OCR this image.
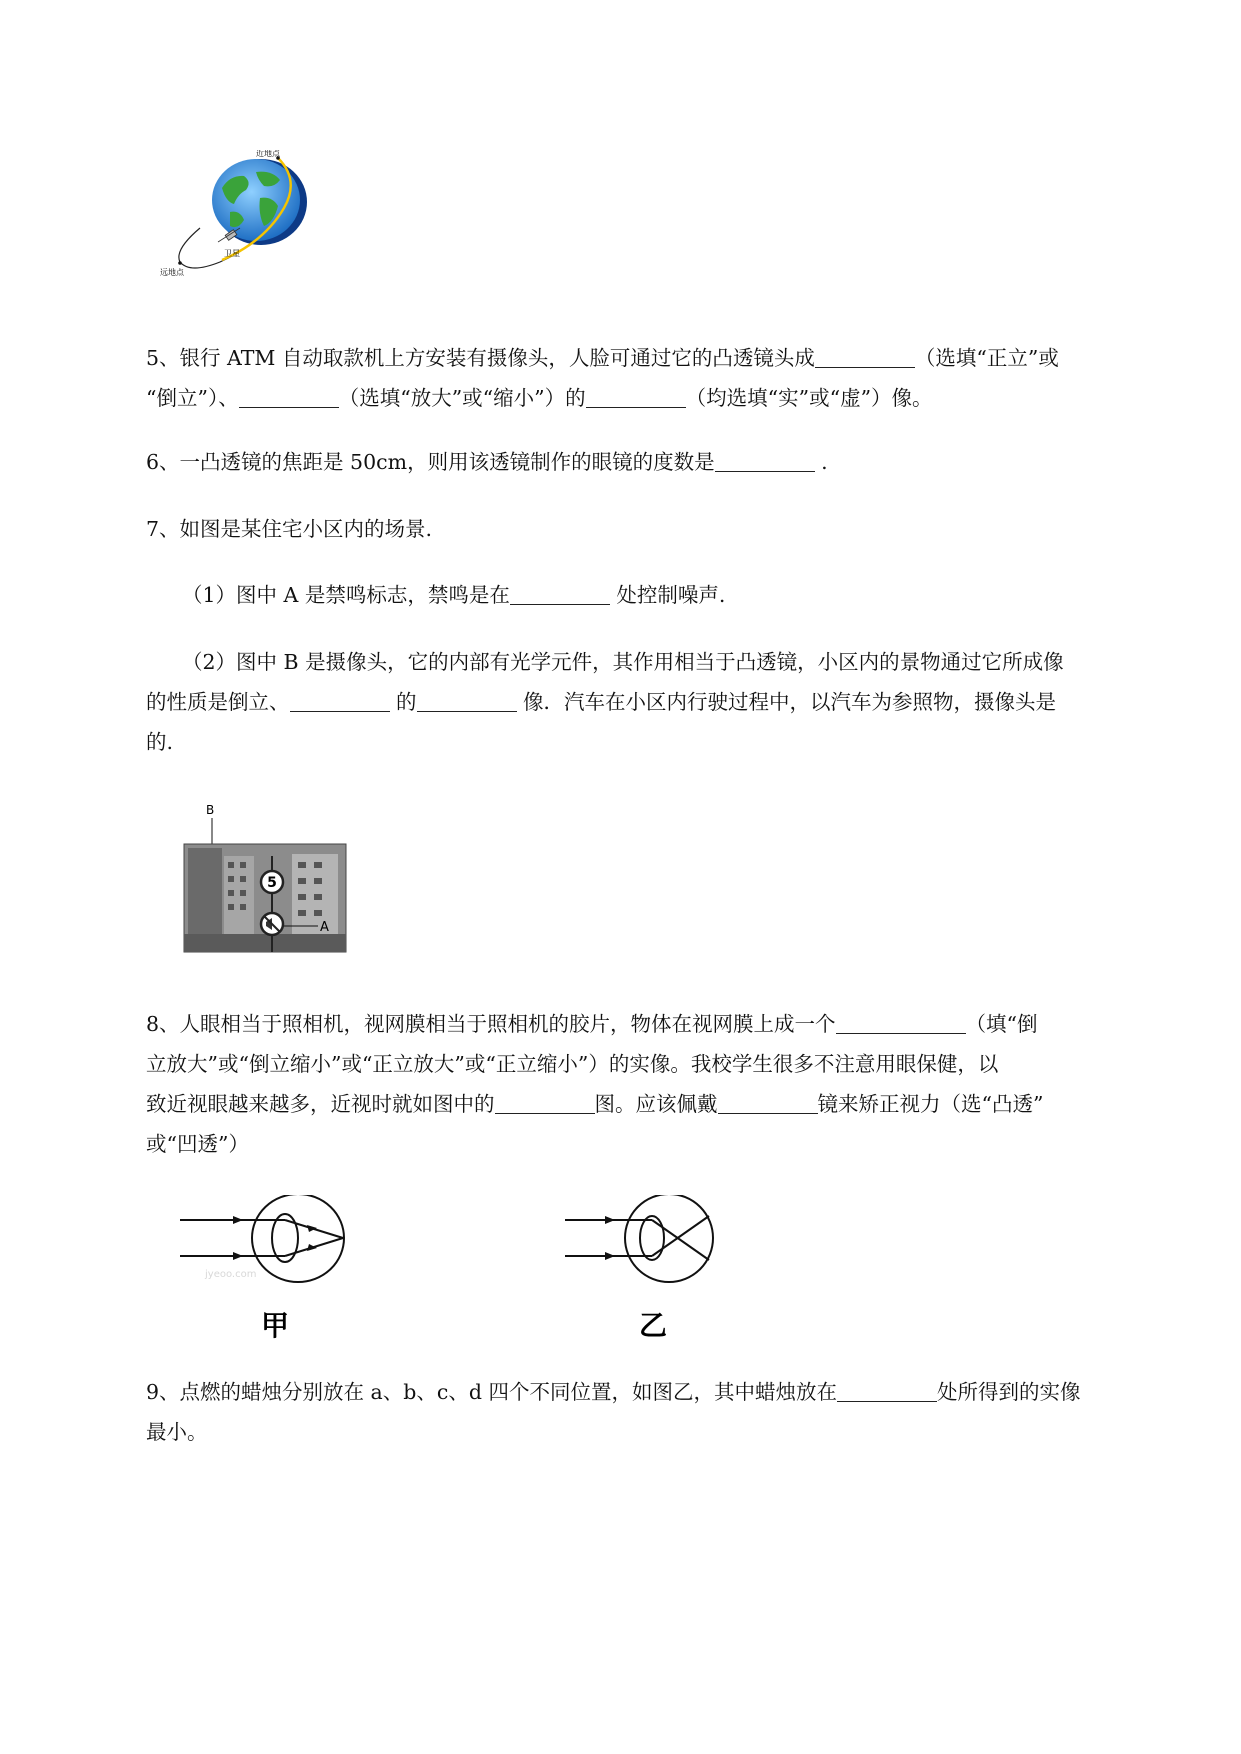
近地点
远地点
卫星

5、银行 ATM 自动取款机上方安装有摄像头，人脸可通过它的凸透镜头成	（选填“正立”或

“倒立”）、	（选填“放大”或“缩小”）的	（均选填“实”或“虚”）像。

6、一凸透镜的焦距是 50cm，则用该透镜制作的眼镜的度数是	.

7、如图是某住宅小区内的场景.

（1）图中 A 是禁鸣标志，禁鸣是在	处控制噪声.

（2）图中 B 是摄像头，它的内部有光学元件，其作用相当于凸透镜，小区内的景物通过它所成像

的性质是倒立、	的	像．汽车在小区内行驶过程中，以汽车为参照物，摄像头是

的.

B
5
A

8、人眼相当于照相机，视网膜相当于照相机的胶片，物体在视网膜上成一个	（填“倒

立放大”或“倒立缩小”或“正立放大”或“正立缩小”）的实像。我校学生很多不注意用眼保健，以

致近视眼越来越多，近视时就如图中的	图。应该佩戴	镜来矫正视力（选“凸透”

或“凹透”）

jyeoo.com
甲	乙

9、点燃的蜡烛分别放在 a、b、c、d 四个不同位置，如图乙，其中蜡烛放在	处所得到的实像

最小。
